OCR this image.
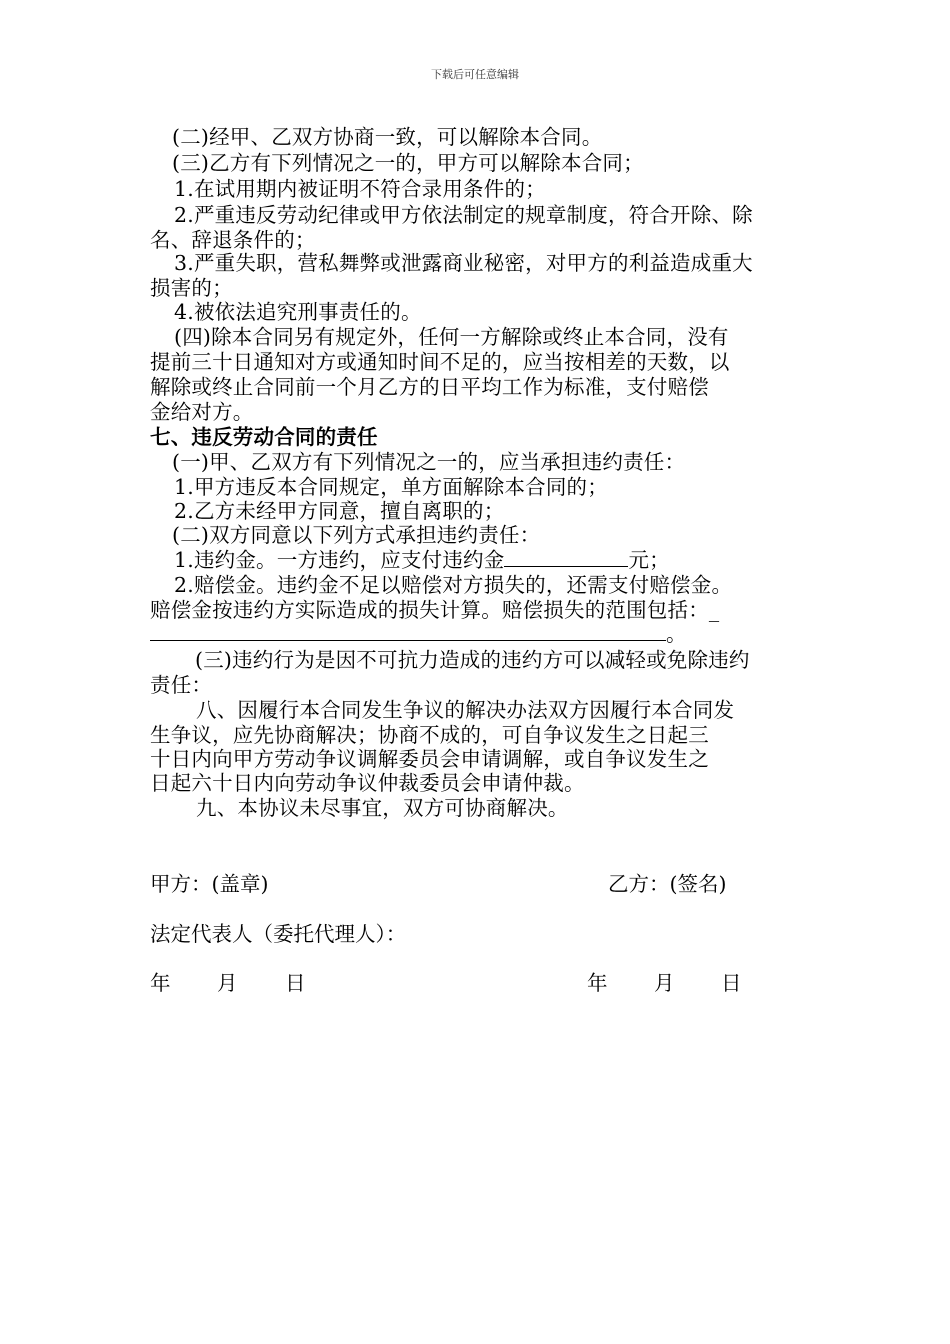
下载后可任意编辑
(二)经甲、乙双方协商一致，可以解除本合同。
(三)乙方有下列情况之一的，甲方可以解除本合同；
1.在试用期内被证明不符合录用条件的；
2.严重违反劳动纪律或甲方依法制定的规章制度，符合开除、除
名、辞退条件的；
3.严重失职，营私舞弊或泄露商业秘密，对甲方的利益造成重大
损害的；
4.被依法追究刑事责任的。
(四)除本合同另有规定外，任何一方解除或终止本合同，没有
提前三十日通知对方或通知时间不足的，应当按相差的天数，以
解除或终止合同前一个月乙方的日平均工作为标准，支付赔偿
金给对方。
七、违反劳动合同的责任
(一)甲、乙双方有下列情况之一的，应当承担违约责任：
1.甲方违反本合同规定，单方面解除本合同的；
2.乙方未经甲方同意，擅自离职的；
(二)双方同意以下列方式承担违约责任：
1.违约金。一方违约，应支付违约金	元；
2.赔偿金。违约金不足以赔偿对方损失的，还需支付赔偿金。
赔偿金按违约方实际造成的损失计算。赔偿损失的范围包括：_
。
(三)违约行为是因不可抗力造成的违约方可以减轻或免除违约
责任：
八、因履行本合同发生争议的解决办法双方因履行本合同发
生争议，应先协商解决；协商不成的，可自争议发生之日起三
十日内向甲方劳动争议调解委员会申请调解，或自争议发生之
日起六十日内向劳动争议仲裁委员会申请仲裁。
九、本协议未尽事宜，双方可协商解决。
甲方：(盖章)	乙方：(签名)
法定代表人（委托代理人）：
年 月 日	年 月 日
